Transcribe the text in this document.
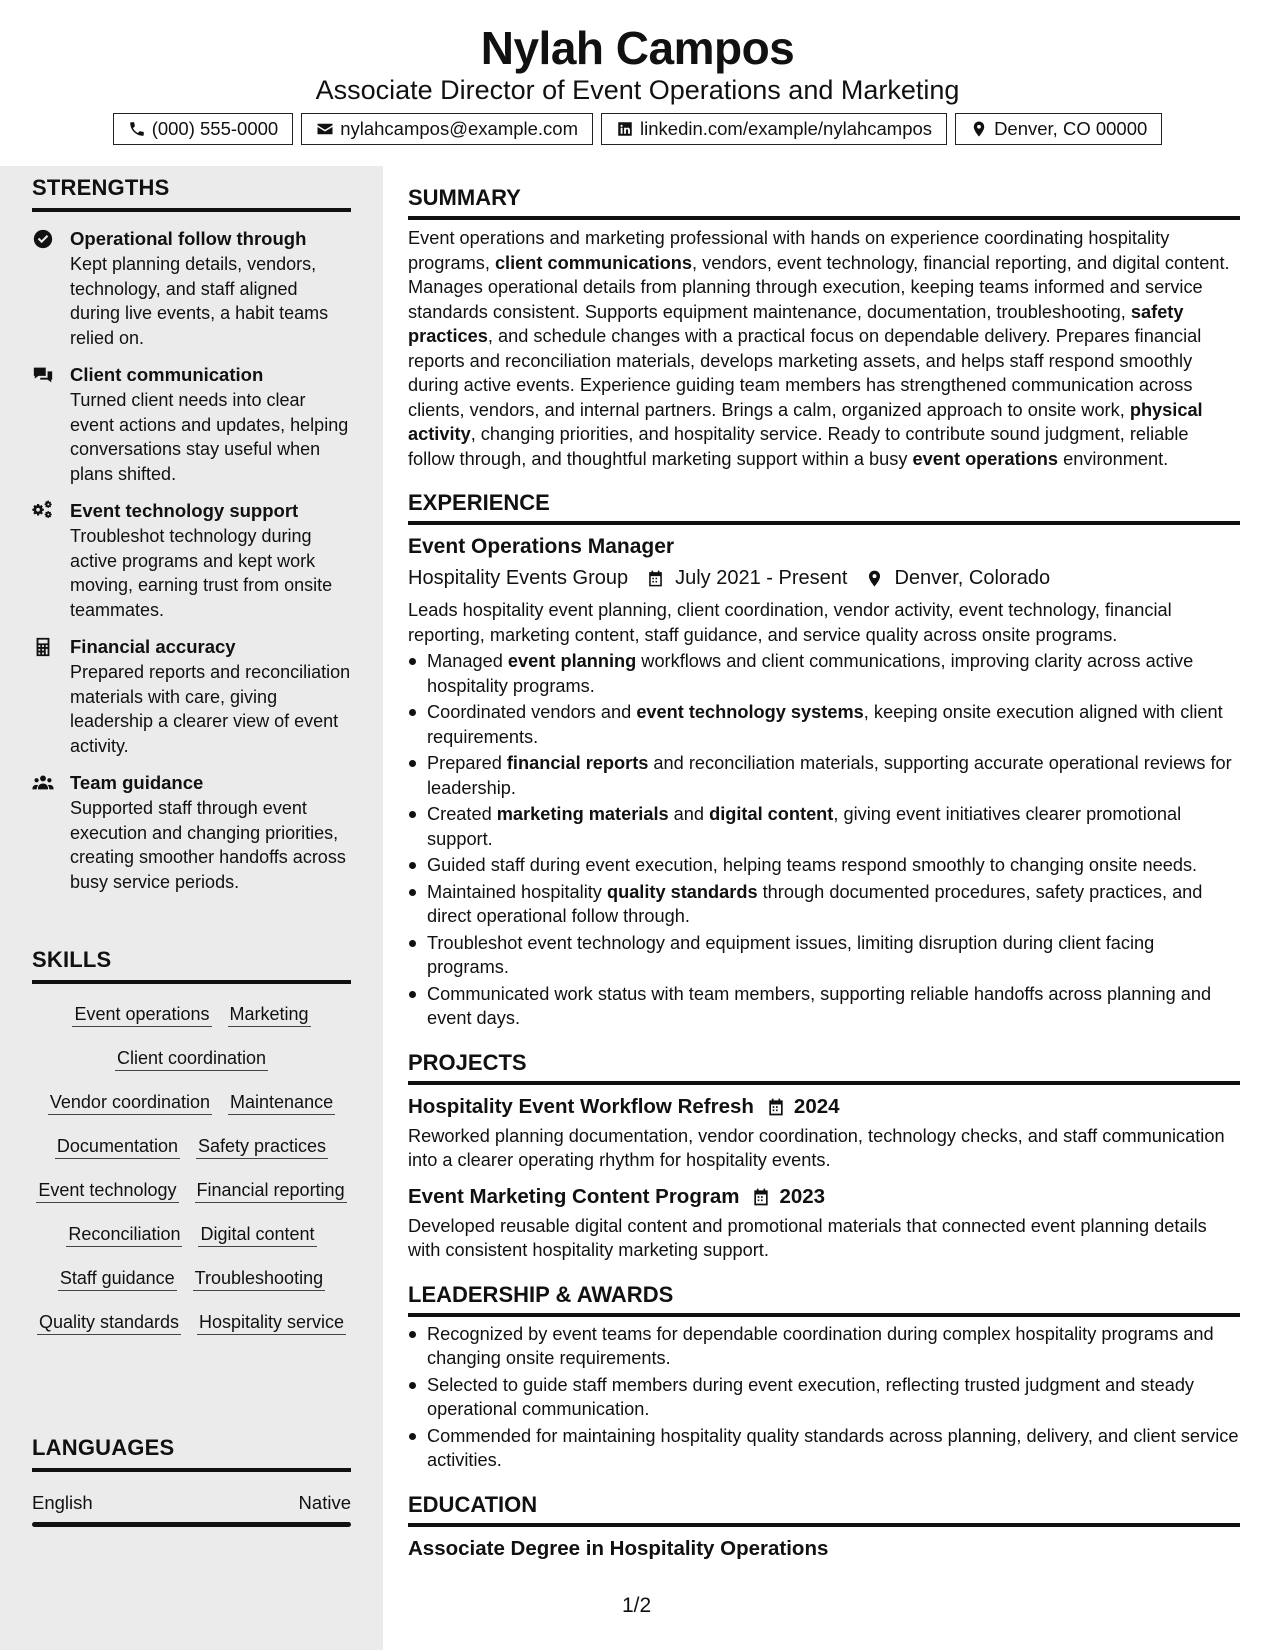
Nylah Campos
Associate Director of Event Operations and Marketing
(000) 555-0000	nylahcampos@example.com	linkedin.com/example/nylahcampos	Denver, CO 00000
STRENGTHS
Operational follow through
Kept planning details, vendors, technology, and staff aligned during live events, a habit teams relied on.
Client communication
Turned client needs into clear event actions and updates, helping conversations stay useful when plans shifted.
Event technology support
Troubleshot technology during active programs and kept work moving, earning trust from onsite teammates.
Financial accuracy
Prepared reports and reconciliation materials with care, giving leadership a clearer view of event activity.
Team guidance
Supported staff through event execution and changing priorities, creating smoother handoffs across busy service periods.
SKILLS
Event operations Marketing
Client coordination
Vendor coordination Maintenance
Documentation Safety practices
Event technology Financial reporting
Reconciliation Digital content
Staff guidance Troubleshooting
Quality standards Hospitality service
LANGUAGES
English	Native
SUMMARY
Event operations and marketing professional with hands on experience coordinating hospitality programs, client communications, vendors, event technology, financial reporting, and digital content. Manages operational details from planning through execution, keeping teams informed and service standards consistent. Supports equipment maintenance, documentation, troubleshooting, safety practices, and schedule changes with a practical focus on dependable delivery. Prepares financial reports and reconciliation materials, develops marketing assets, and helps staff respond smoothly during active events. Experience guiding team members has strengthened communication across clients, vendors, and internal partners. Brings a calm, organized approach to onsite work, physical activity, changing priorities, and hospitality service. Ready to contribute sound judgment, reliable follow through, and thoughtful marketing support within a busy event operations environment.
EXPERIENCE
Event Operations Manager
Hospitality Events Group July 2021 - Present Denver, Colorado
Leads hospitality event planning, client coordination, vendor activity, event technology, financial reporting, marketing content, staff guidance, and service quality across onsite programs.
Managed event planning workflows and client communications, improving clarity across active hospitality programs.
Coordinated vendors and event technology systems, keeping onsite execution aligned with client requirements.
Prepared financial reports and reconciliation materials, supporting accurate operational reviews for leadership.
Created marketing materials and digital content, giving event initiatives clearer promotional support.
Guided staff during event execution, helping teams respond smoothly to changing onsite needs.
Maintained hospitality quality standards through documented procedures, safety practices, and direct operational follow through.
Troubleshot event technology and equipment issues, limiting disruption during client facing programs.
Communicated work status with team members, supporting reliable handoffs across planning and event days.
PROJECTS
Hospitality Event Workflow Refresh 2024
Reworked planning documentation, vendor coordination, technology checks, and staff communication into a clearer operating rhythm for hospitality events.
Event Marketing Content Program 2023
Developed reusable digital content and promotional materials that connected event planning details with consistent hospitality marketing support.
LEADERSHIP & AWARDS
Recognized by event teams for dependable coordination during complex hospitality programs and changing onsite requirements.
Selected to guide staff members during event execution, reflecting trusted judgment and steady operational communication.
Commended for maintaining hospitality quality standards across planning, delivery, and client service activities.
EDUCATION
Associate Degree in Hospitality Operations
1/2
